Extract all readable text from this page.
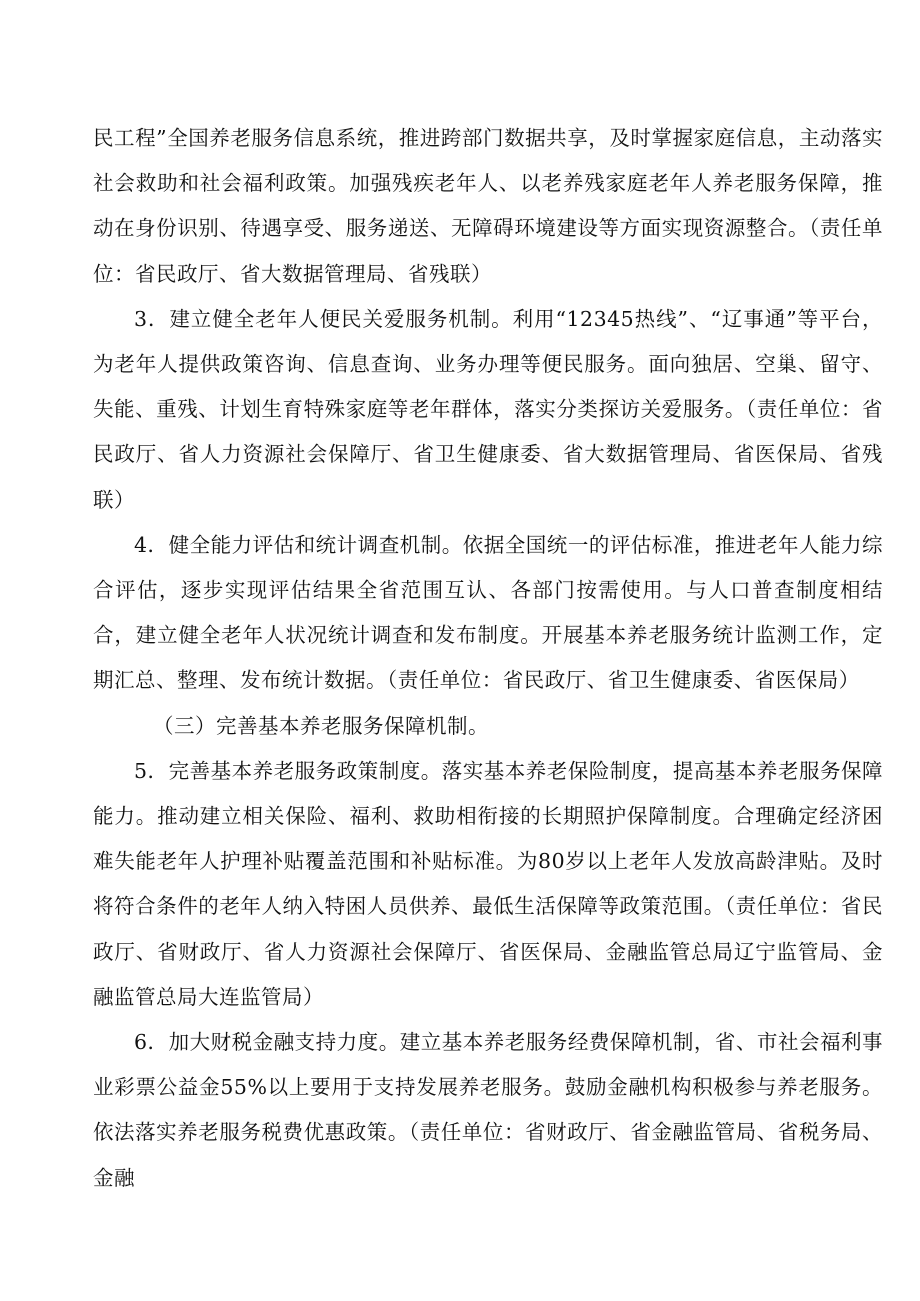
民工程”全国养老服务信息系统，推进跨部门数据共享，及时掌握家庭信息，主动落实社会救助和社会福利政策。加强残疾老年人、以老养残家庭老年人养老服务保障，推动在身份识别、待遇享受、服务递送、无障碍环境建设等方面实现资源整合。（责任单位：省民政厅、省大数据管理局、省残联）

3．建立健全老年人便民关爱服务机制。利用“12345热线”、“辽事通”等平台，为老年人提供政策咨询、信息查询、业务办理等便民服务。面向独居、空巢、留守、失能、重残、计划生育特殊家庭等老年群体，落实分类探访关爱服务。（责任单位：省民政厅、省人力资源社会保障厅、省卫生健康委、省大数据管理局、省医保局、省残联）

4．健全能力评估和统计调查机制。依据全国统一的评估标准，推进老年人能力综合评估，逐步实现评估结果全省范围互认、各部门按需使用。与人口普查制度相结合，建立健全老年人状况统计调查和发布制度。开展基本养老服务统计监测工作，定期汇总、整理、发布统计数据。（责任单位：省民政厅、省卫生健康委、省医保局）

（三）完善基本养老服务保障机制。

5．完善基本养老服务政策制度。落实基本养老保险制度，提高基本养老服务保障能力。推动建立相关保险、福利、救助相衔接的长期照护保障制度。合理确定经济困难失能老年人护理补贴覆盖范围和补贴标准。为80岁以上老年人发放高龄津贴。及时将符合条件的老年人纳入特困人员供养、最低生活保障等政策范围。（责任单位：省民政厅、省财政厅、省人力资源社会保障厅、省医保局、金融监管总局辽宁监管局、金融监管总局大连监管局）

6．加大财税金融支持力度。建立基本养老服务经费保障机制，省、市社会福利事业彩票公益金55%以上要用于支持发展养老服务。鼓励金融机构积极参与养老服务。依法落实养老服务税费优惠政策。（责任单位：省财政厅、省金融监管局、省税务局、金融
